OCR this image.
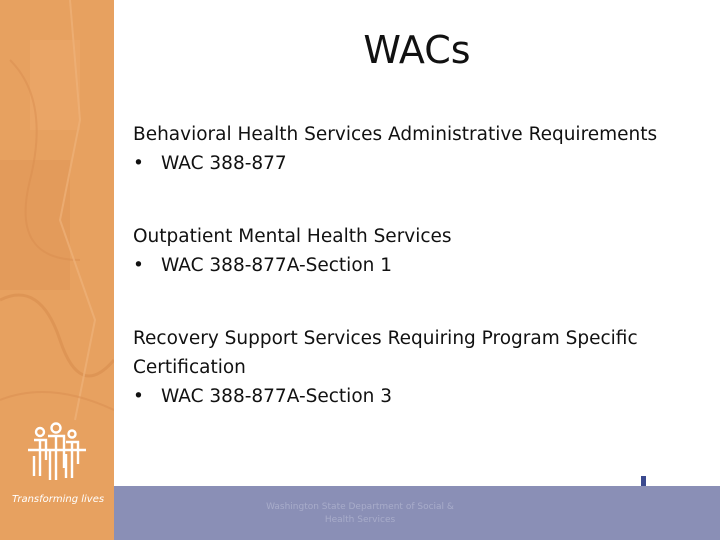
Transforming lives
Washington State Department of Social & Health Services
WACs
Behavioral Health Services Administrative Requirements
• WAC 388-877
Outpatient Mental Health Services
• WAC 388-877A-Section 1
Recovery Support Services Requiring Program Specific Certification
• WAC 388-877A-Section 3
